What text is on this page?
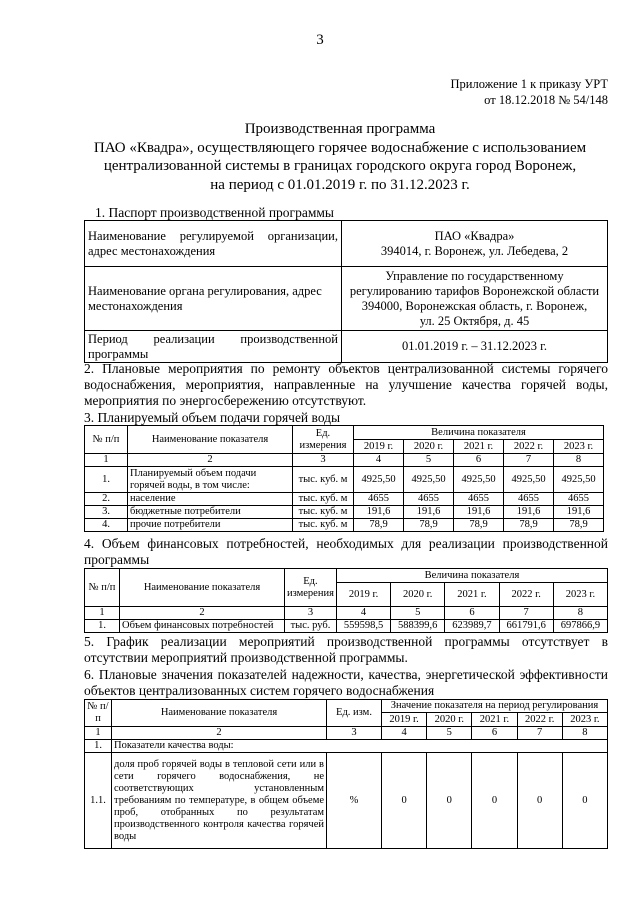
3
Приложение 1 к приказу УРТ
от 18.12.2018 № 54/148
Производственная программа
ПАО «Квадра», осуществляющего горячее водоснабжение с использованием
централизованной системы в границах городского округа город Воронеж,
на период с 01.01.2019 г. по 31.12.2023 г.
1. Паспорт производственной программы
Наименование регулируемой организации, адрес местонахождения	ПАО «Квадра»
394014, г. Воронеж, ул. Лебедева, 2

Наименование органа регулирования, адрес местонахождения	Управление по государственному
регулированию тарифов Воронежской области
394000, Воронежская область, г. Воронеж,
ул. 25 Октября, д. 45

Период реализации производственной программы	01.01.2019 г. – 31.12.2023 г.
2. Плановые мероприятия по ремонту объектов централизованной системы горячего водоснабжения, мероприятия, направленные на улучшение качества горячей воды, мероприятия по энергосбережению отсутствуют.
3. Планируемый объем подачи горячей воды
№ п/п	Наименование показателя	Ед. измерения	Величина показателя				
			2019 г.	2020 г.	2021 г.	2022 г.	2023 г.
1	2	3	4	5	6	7	8
1.	Планируемый объем подачи горячей воды, в том числе:	тыс. куб. м	4925,50	4925,50	4925,50	4925,50	4925,50
2.	население	тыс. куб. м	4655	4655	4655	4655	4655
3.	бюджетные потребители	тыс. куб. м	191,6	191,6	191,6	191,6	191,6
4.	прочие потребители	тыс. куб. м	78,9	78,9	78,9	78,9	78,9
4. Объем финансовых потребностей, необходимых для реализации производственной программы
№ п/п	Наименование показателя	Ед. измерения	Величина показателя				
			2019 г.	2020 г.	2021 г.	2022 г.	2023 г.
1	2	3	4	5	6	7	8
1.	Объем финансовых потребностей	тыс. руб.	559598,5	588399,6	623989,7	661791,6	697866,9
5. График реализации мероприятий производственной программы отсутствует в отсутствии мероприятий производственной программы.
6. Плановые значения показателей надежности, качества, энергетической эффективности объектов централизованных систем горячего водоснабжения
№ п/п	Наименование показателя	Ед. изм.	Значение показателя на период регулирования				
			2019 г.	2020 г.	2021 г.	2022 г.	2023 г.
1	2	3	4	5	6	7	8
1.	Показатели качества воды:						
1.1.	доля проб горячей воды в тепловой сети или в сети горячего водоснабжения, не соответствующих установленным требованиям по температуре, в общем объеме проб, отобранных по результатам производственного контроля качества горячей воды	%	0	0	0	0	0
